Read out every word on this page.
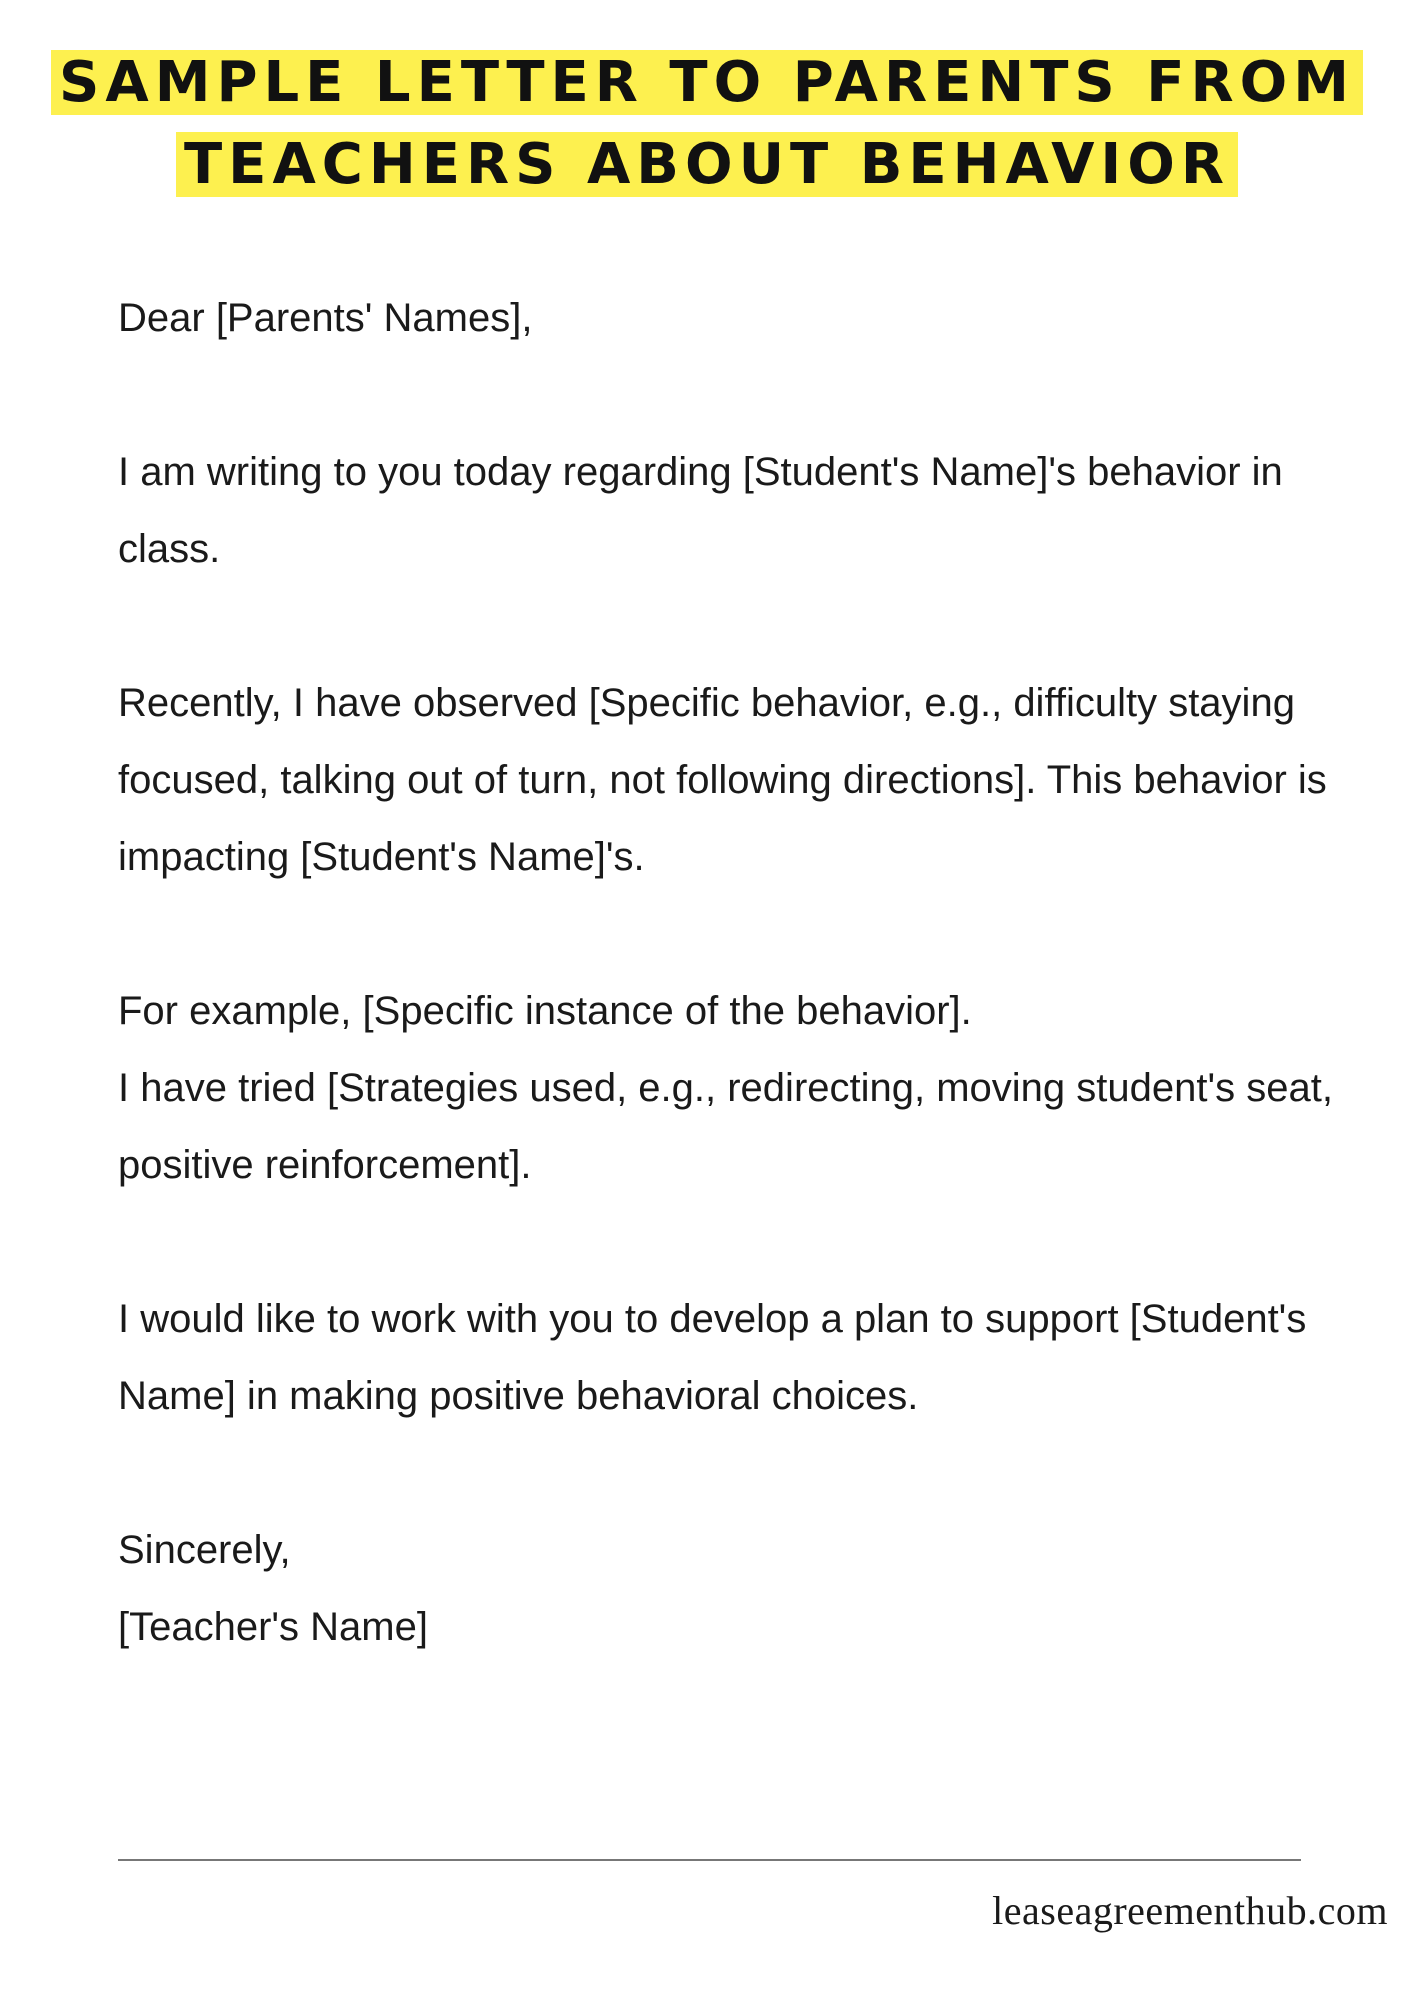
SAMPLE LETTER TO PARENTS FROM
TEACHERS ABOUT BEHAVIOR

Dear [Parents' Names],

I am writing to you today regarding [Student's Name]'s behavior in class.

Recently, I have observed [Specific behavior, e.g., difficulty staying focused, talking out of turn, not following directions]. This behavior is impacting [Student's Name]'s.

For example, [Specific instance of the behavior].

I have tried [Strategies used, e.g., redirecting, moving student's seat, positive reinforcement].

I would like to work with you to develop a plan to support [Student's Name] in making positive behavioral choices.

Sincerely,

[Teacher's Name]

leaseagreementhub.com
